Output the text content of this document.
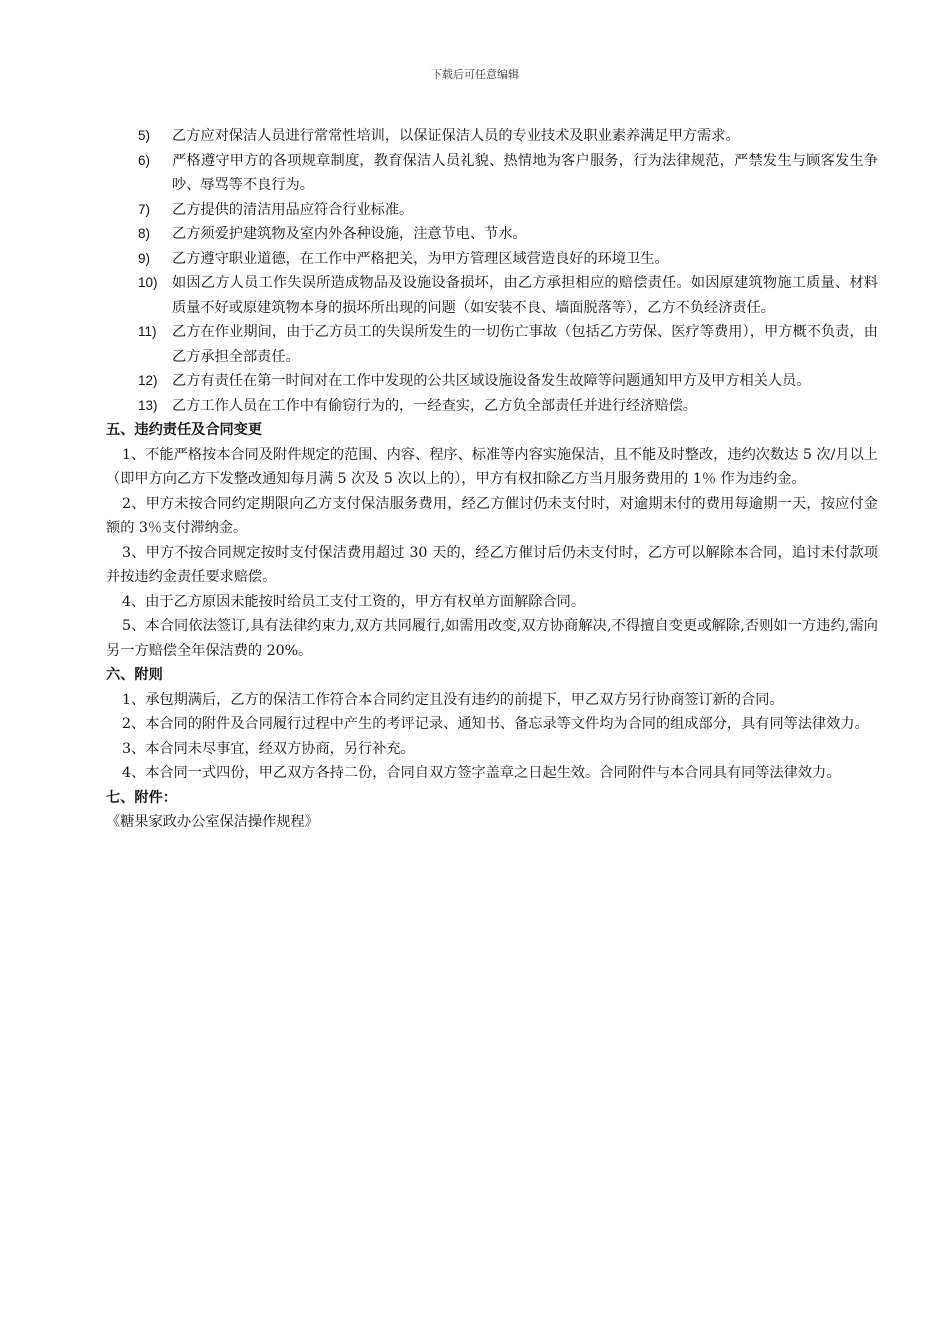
下载后可任意编辑
5)	乙方应对保洁人员进行常常性培训，以保证保洁人员的专业技术及职业素养满足甲方需求。
6)	严格遵守甲方的各项规章制度，教育保洁人员礼貌、热情地为客户服务，行为法律规范，严禁发生与顾客发生争吵、辱骂等不良行为。
7)	乙方提供的清洁用品应符合行业标准。
8)	乙方须爱护建筑物及室内外各种设施，注意节电、节水。
9)	乙方遵守职业道德，在工作中严格把关，为甲方管理区域营造良好的环境卫生。
10)	如因乙方人员工作失误所造成物品及设施设备损坏，由乙方承担相应的赔偿责任。如因原建筑物施工质量、材料质量不好或原建筑物本身的损坏所出现的问题（如安装不良、墙面脱落等），乙方不负经济责任。
11)	乙方在作业期间，由于乙方员工的失误所发生的一切伤亡事故（包括乙方劳保、医疗等费用），甲方概不负责，由乙方承担全部责任。
12)	乙方有责任在第一时间对在工作中发现的公共区域设施设备发生故障等问题通知甲方及甲方相关人员。
13)	乙方工作人员在工作中有偷窃行为的，一经查实，乙方负全部责任并进行经济赔偿。
五、违约责任及合同变更
1、不能严格按本合同及附件规定的范围、内容、程序、标准等内容实施保洁，且不能及时整改，违约次数达 5 次/月以上（即甲方向乙方下发整改通知每月满 5 次及 5 次以上的），甲方有权扣除乙方当月服务费用的 1％ 作为违约金。
2、甲方未按合同约定期限向乙方支付保洁服务费用，经乙方催讨仍未支付时，对逾期未付的费用每逾期一天，按应付金额的 3％支付滞纳金。
3、甲方不按合同规定按时支付保洁费用超过 30 天的，经乙方催讨后仍未支付时，乙方可以解除本合同，追讨未付款项并按违约金责任要求赔偿。
4、由于乙方原因未能按时给员工支付工资的，甲方有权单方面解除合同。
5、本合同依法签订,具有法律约束力,双方共同履行,如需用改变,双方协商解决,不得擅自变更或解除,否则如一方违约,需向另一方赔偿全年保洁费的 20%。
六、附则
1、承包期满后，乙方的保洁工作符合本合同约定且没有违约的前提下，甲乙双方另行协商签订新的合同。
2、本合同的附件及合同履行过程中产生的考评记录、通知书、备忘录等文件均为合同的组成部分，具有同等法律效力。
3、本合同未尽事宜，经双方协商，另行补充。
4、本合同一式四份，甲乙双方各持二份，合同自双方签字盖章之日起生效。合同附件与本合同具有同等法律效力。
七、附件：
《糖果家政办公室保洁操作规程》
